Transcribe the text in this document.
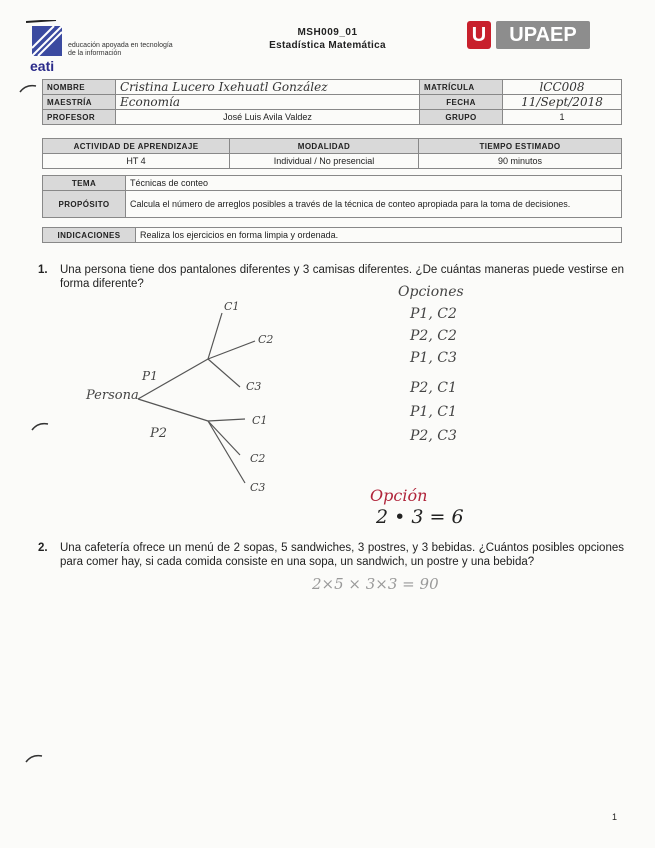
eati
educación apoyada en tecnología de la información
MSH009_01
Estadística Matemática	U	UPAEP
NOMBRE	Cristina Lucero Ixehuatl González	MATRÍCULA	lCC008
MAESTRÍA	Economía	FECHA	11/Sept/2018
PROFESOR	José Luis Avila Valdez	GRUPO	1
ACTIVIDAD DE APRENDIZAJE	MODALIDAD	TIEMPO ESTIMADO
HT 4	Individual / No presencial	90 minutos
TEMA	Técnicas de conteo
PROPÓSITO	Calcula el número de arreglos posibles a través de la técnica de conteo apropiada para la toma de decisiones.
INDICACIONES	Realiza los ejercicios en forma limpia y ordenada.
1. Una persona tiene dos pantalones diferentes y 3 camisas diferentes. ¿De cuántas maneras puede vestirse en forma diferente?
Persona
P1
P2
C1
C2
C3
C1
C2
C3
Opciones
P1, C2
P2, C2
P1, C3
P2, C1
P1, C1
P2, C3
Opción
2 • 3 = 6
2. Una cafetería ofrece un menú de 2 sopas, 5 sandwiches, 3 postres, y 3 bebidas. ¿Cuántos posibles opciones para comer hay, si cada comida consiste en una sopa, un sandwich, un postre y una bebida?
2×5 × 3×3 = 90
1
